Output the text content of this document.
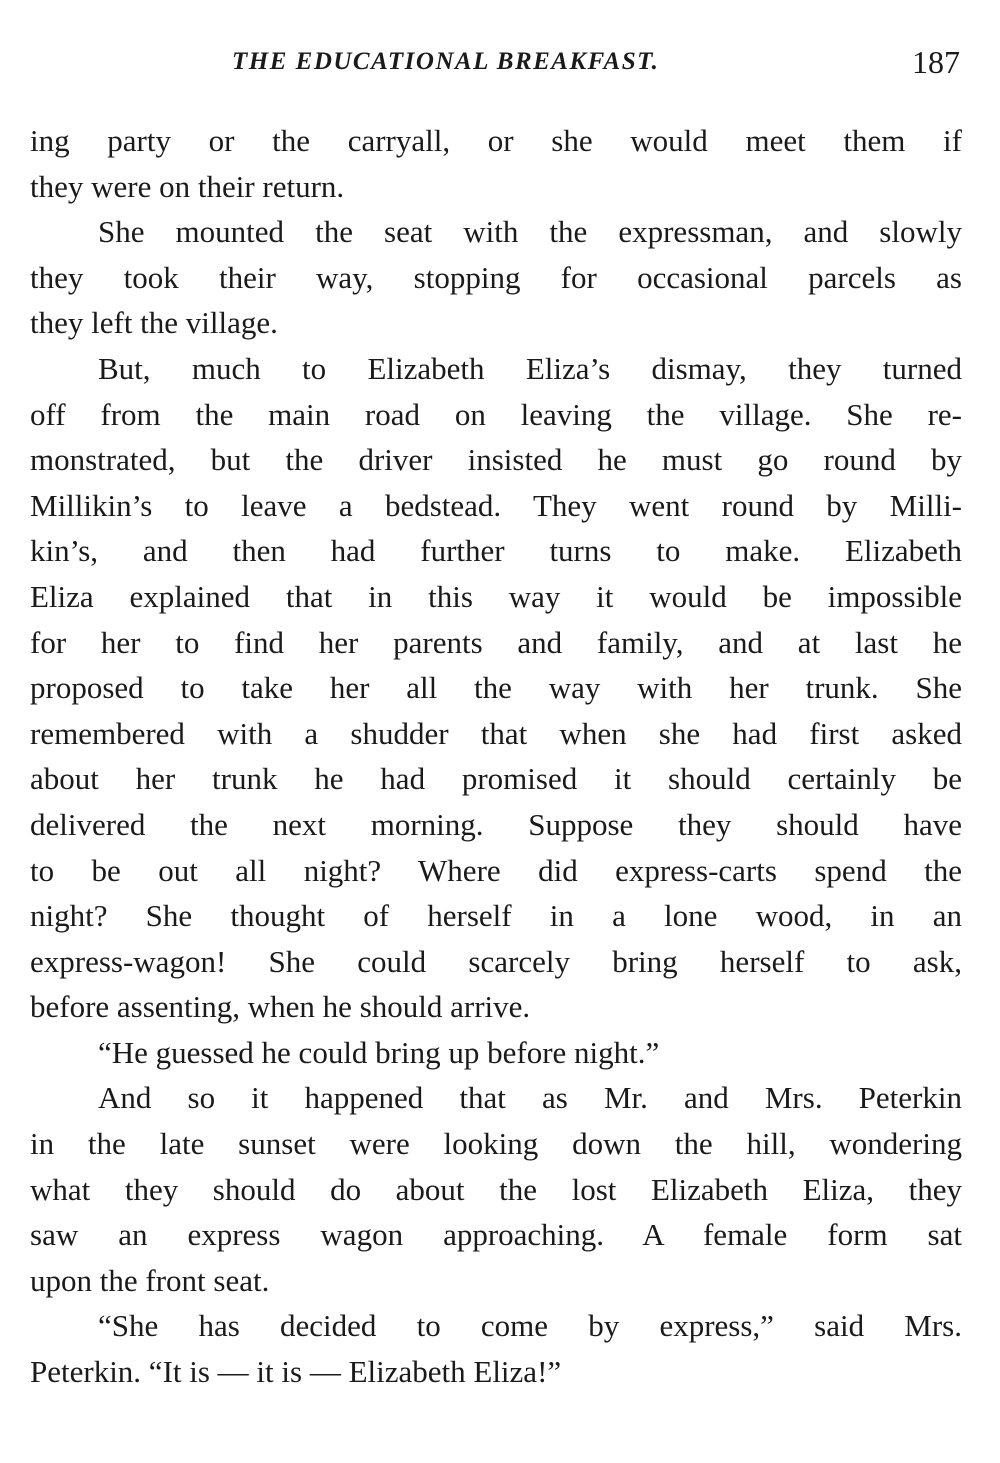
THE EDUCATIONAL BREAKFAST.	187
ing party or the carryall, or she would meet them if
they were on their return.
She mounted the seat with the expressman, and slowly
they took their way, stopping for occasional parcels as
they left the village.
But, much to Elizabeth Eliza’s dismay, they turned
off from the main road on leaving the village. She re-
monstrated, but the driver insisted he must go round by
Millikin’s to leave a bedstead. They went round by Milli-
kin’s, and then had further turns to make. Elizabeth
Eliza explained that in this way it would be impossible
for her to find her parents and family, and at last he
proposed to take her all the way with her trunk. She
remembered with a shudder that when she had first asked
about her trunk he had promised it should certainly be
delivered the next morning. Suppose they should have
to be out all night? Where did express-carts spend the
night? She thought of herself in a lone wood, in an
express-wagon! She could scarcely bring herself to ask,
before assenting, when he should arrive.
“He guessed he could bring up before night.”
And so it happened that as Mr. and Mrs. Peterkin
in the late sunset were looking down the hill, wondering
what they should do about the lost Elizabeth Eliza, they
saw an express wagon approaching. A female form sat
upon the front seat.
“She has decided to come by express,” said Mrs.
Peterkin. “It is — it is — Elizabeth Eliza!”
